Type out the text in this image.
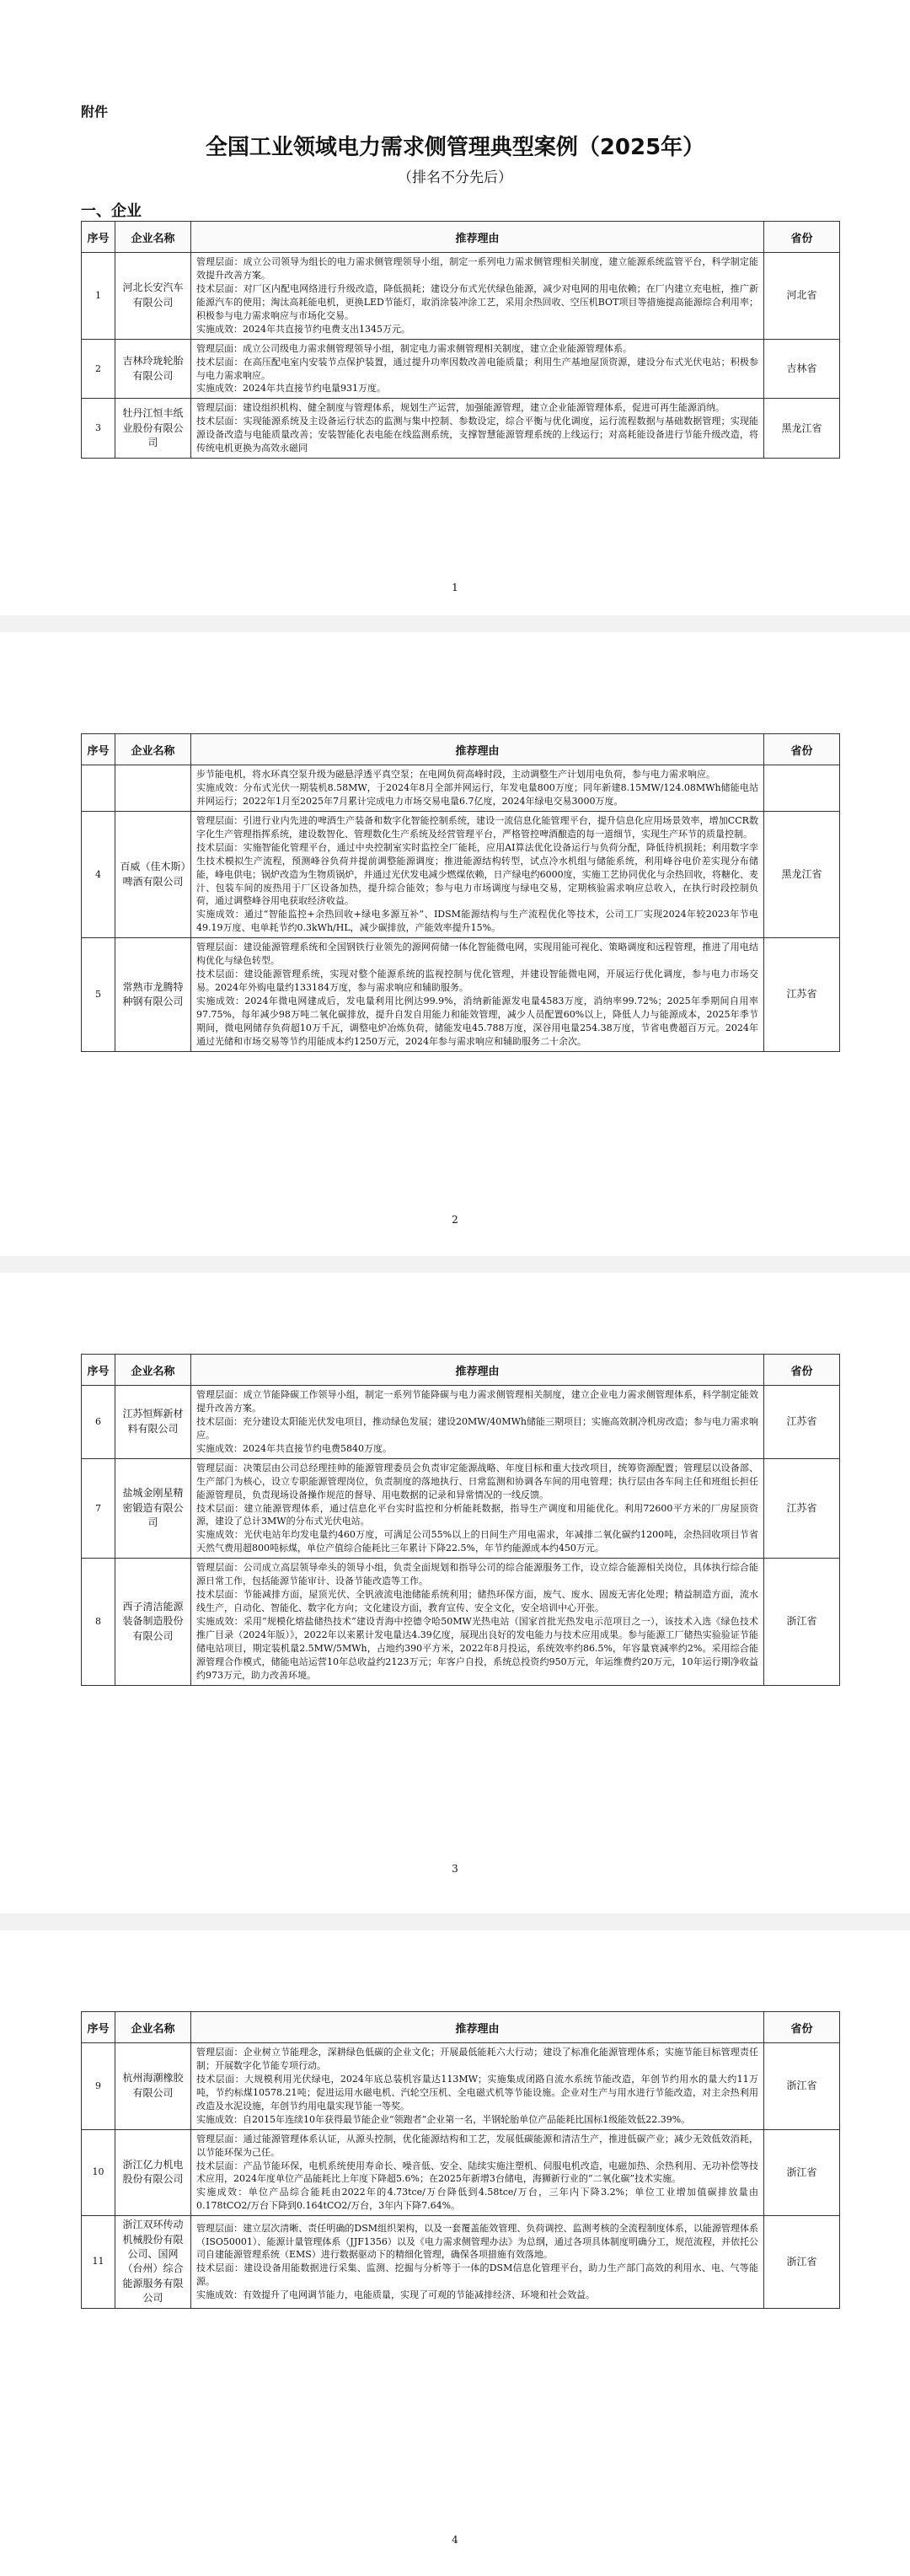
附件
全国工业领域电力需求侧管理典型案例（2025年）
（排名不分先后）
一、企业
序号	企业名称	推荐理由	省份
1	河北长安汽车有限公司	管理层面：成立公司领导为组长的电力需求侧管理领导小组，制定一系列电力需求侧管理相关制度，建立能源系统监管平台，科学制定能效提升改善方案。
技术层面：对厂区内配电网络进行升级改造，降低损耗；建设分布式光伏绿色能源，减少对电网的用电依赖；在厂内建立充电桩，推广新能源汽车的使用；淘汰高耗能电机，更换LED节能灯，取消涂装冲涂工艺，采用余热回收、空压机BOT项目等措施提高能源综合利用率；积极参与电力需求响应与市场化交易。
实施成效：2024年共直接节约电费支出1345万元。	河北省
2	吉林玲珑轮胎有限公司	管理层面：成立公司级电力需求侧管理领导小组，制定电力需求侧管理相关制度，建立企业能源管理体系。
技术层面：在高压配电室内安装节点保护装置，通过提升功率因数改善电能质量；利用生产基地屋顶资源，建设分布式光伏电站；积极参与电力需求响应。
实施成效：2024年共直接节约电量931万度。	吉林省
3	牡丹江恒丰纸业股份有限公司	管理层面：建设组织机构、健全制度与管理体系，规划生产运营，加强能源管理，建立企业能源管理体系，促进可再生能源消纳。
技术层面：实现能源系统及主设备运行状态的监测与集中控制、参数设定，综合平衡与优化调度，运行流程数据与基础数据管理；实现能源设备改造与电能质量改善；安装智能化表电能在线监测系统，支撑智慧能源管理系统的上线运行；对高耗能设备进行节能升级改造，将传统电机更换为高效永磁同	黑龙江省
1
序号	企业名称	推荐理由	省份

		步节能电机，将水环真空泵升级为磁悬浮透平真空泵；在电网负荷高峰时段，主动调整生产计划用电负荷，参与电力需求响应。
实施成效：分布式光伏一期装机8.58MW，于2024年8月全部并网运行，年发电量800万度；同年新建8.15MW/124.08MWh储能电站并网运行；2022年1月至2025年7月累计完成电力市场交易电量6.7亿度，2024年绿电交易3000万度。	

4	百威（佳木斯）啤酒有限公司	管理层面：引进行业内先进的啤酒生产装备和数字化智能控制系统，建设一流信息化能管理平台，提升信息化应用场景效率，增加CCR数字化生产管理指挥系统，建设数智化、管理数化生产系统及经营管理平台，严格管控啤酒酿造的每一道细节，实现生产环节的质量控制。
技术层面：实施智能化管理平台，通过中央控制室实时监控全厂能耗，应用AI算法优化设备运行与负荷分配，降低待机损耗；利用数字孪生技术模拟生产流程，预测峰谷负荷并提前调整能源调度；推进能源结构转型，试点冷水机组与储能系统，利用峰谷电价差实现分布储能，峰电供电；锅炉改造为生物质锅炉，并通过光伏发电减少燃煤依赖，日产绿电约6000度，实施工艺协同优化与余热回收，将糖化、麦汁、包装车间的废热用于厂区设备加热，提升综合能效；参与电力市场调度与绿电交易，定期核验需求响应总收入，在执行时段控制负荷，通过调整峰谷用电获取经济收益。
实施成效：通过“智能监控+余热回收+绿电多源互补”、IDSM能源结构与生产流程优化等技术，公司工厂实现2024年较2023年节电49.19万度、电单耗节约0.3kWh/HL，减少碳排放，产能效率提升15%。	黑龙江省
5	常熟市龙腾特种钢有限公司	管理层面：建设能源管理系统和全国钢铁行业领先的源网荷储一体化智能微电网，实现用能可视化、策略调度和远程管理，推进了用电结构优化与绿色转型。
技术层面：建设能源管理系统，实现对整个能源系统的监视控制与优化管理，并建设智能微电网，开展运行优化调度，参与电力市场交易。2024年外购电量约133184万度，参与需求响应和辅助服务。
实施成效：2024年微电网建成后，发电量利用比例达99.9%，消纳新能源发电量4583万度，消纳率99.72%；2025年季期间自用率97.75%，每年减少98万吨二氧化碳排放，提升自发自用能力和能效管理，减少人员配置60%以上，降低人力与能源成本，2025年季节期间，微电网储存负荷超10万千瓦，调整电炉冶炼负荷，储能发电45.788万度，深谷用电量254.38万度，节省电费超百万元。2024年通过光储和市场交易等节约用能成本约1250万元，2024年参与需求响应和辅助服务二十余次。	江苏省
2
序号	企业名称	推荐理由	省份
6	江苏恒辉新材料有限公司	管理层面：成立节能降碳工作领导小组，制定一系列节能降碳与电力需求侧管理相关制度，建立企业电力需求侧管理体系，科学制定能效提升改善方案。
技术层面：充分建设太阳能光伏发电项目，推动绿色发展；建设20MW/40MWh储能三期项目；实施高效制冷机房改造；参与电力需求响应。
实施成效：2024年共直接节约电费5840万度。	江苏省
7	盐城金刚星精密锻造有限公司	管理层面：决策层由公司总经理挂帅的能源管理委员会负责审定能源战略、年度目标和重大技改项目，统筹资源配置；管理层以设备部、生产部门为核心，设立专职能源管理岗位，负责制度的落地执行、日常监测和协调各车间的用电管理；执行层由各车间主任和班组长担任能源管理员，负责现场设备操作规范的督导、用电数据的记录和异常情况的一线反馈。
技术层面：建立能源管理体系，通过信息化平台实时监控和分析能耗数据，指导生产调度和用能优化。利用72600平方米的厂房屋顶资源，建设了总计3MW的分布式光伏电站。
实施成效：光伏电站年均发电量约460万度，可满足公司55%以上的日间生产用电需求，年减排二氧化碳约1200吨，余热回收项目节省天然气费用超800吨标煤，单位产值综合能耗比三年累计下降22.5%，年节约能源成本约450万元。	江苏省
8	西子清洁能源装备制造股份有限公司	管理层面：公司成立高层领导牵头的领导小组，负责全面规划和指导公司的综合能源服务工作，设立综合能源相关岗位，具体执行综合能源日常工作，包括能源节能审计、设备节能改造等工作。
技术层面：节能减排方面，屋顶光伏、全钒液流电池储能系统利用；储热环保方面，废气、废水、固废无害化处理；精益制造方面，流水线生产，自动化、智能化、数字化方向；文化建设方面，教育宣传、安全文化，安全培训中心开张。
实施成效：采用“规模化熔盐储热技术”建设青海中控德令哈50MW光热电站（国家首批光热发电示范项目之一），该技术入选《绿色技术推广目录（2024年版）》，2022年以来累计发电量达4.39亿度，展现出良好的发电能力与技术应用成果。参与能源工厂储热实验验证节能储电站项目，期定装机量2.5MW/5MWh，占地约390平方米，2022年8月投运，系统效率约86.5%，年容量衰减率约2%。采用综合能源管理合作模式，储能电站运营10年总收益约2123万元；年客户自投，系统总投资约950万元，年运维费约20万元，10年运行期净收益约973万元，助力改善环境。	浙江省
3
序号	企业名称	推荐理由	省份
9	杭州海潮橡胶有限公司	管理层面：企业树立节能理念，深耕绿色低碳的企业文化；开展最低能耗六大行动；建设了标准化能源管理体系；实施节能目标管理责任制；开展数字化节能专项行动。
技术层面：大规模利用光伏绿电，2024年底总装机容量达113MW；实施集成闭路自流水系统节能改造，年创节约用水的量大约11万吨，节约标煤10578.21吨；促进运用水磁电机、汽轮空压机、全电磁式机等节能设施。企业对生产与用水进行节能改造，对主余热利用改造及水泥设施，年创节约用电量实现节能一等奖。
实施成效：自2015年连续10年获得最节能企业“领跑者”企业第一名，半钢轮胎单位产品能耗比国标1级能效低22.39%。	浙江省
10	浙江亿力机电股份有限公司	管理层面：通过能源管理体系认证，从源头控制，优化能源结构和工艺，发展低碳能源和清洁生产，推进低碳产业；减少无效低效消耗，以节能环保为己任。
技术层面：产品节能环保，电机系统使用寿命长、噪音低、安全、陆续实施注塑机、伺服电机改造，电磁加热、余热利用、无功补偿等技术应用，2024年度单位产品能耗比上年度下降超5.6%；在2025年新增3台储电，海狮新行业的“二氧化碳”技术实施。
实施成效：单位产品综合能耗由2022年的4.73tce/万台降低到4.58tce/万台，三年内下降3.2%；单位工业增加值碳排放量由0.178tCO2/万台下降到0.164tCO2/万台，3年内下降7.64%。	浙江省
11	浙江双环传动机械股份有限公司、国网（台州）综合能源服务有限公司	管理层面：建立层次清晰、责任明确的DSM组织架构，以及一套覆盖能效管理、负荷调控、监测考核的全流程制度体系，以能源管理体系（ISO50001）、能源计量管理体系（JJF1356）以及《电力需求侧管理办法》为总纲，通过各项具体制度明确分工，规范流程，并依托公司自建能源管理系统（EMS）进行数据驱动下的精细化管理，确保各项措施有效落地。
技术层面：建设设备用能数据进行采集、监测、挖掘与分析等于一体的DSM信息化管理平台，助力生产部门高效的利用水、电、气等能源。
实施成效：有效提升了电网调节能力，电能质量，实现了可观的节能减排经济、环境和社会效益。	浙江省
4
